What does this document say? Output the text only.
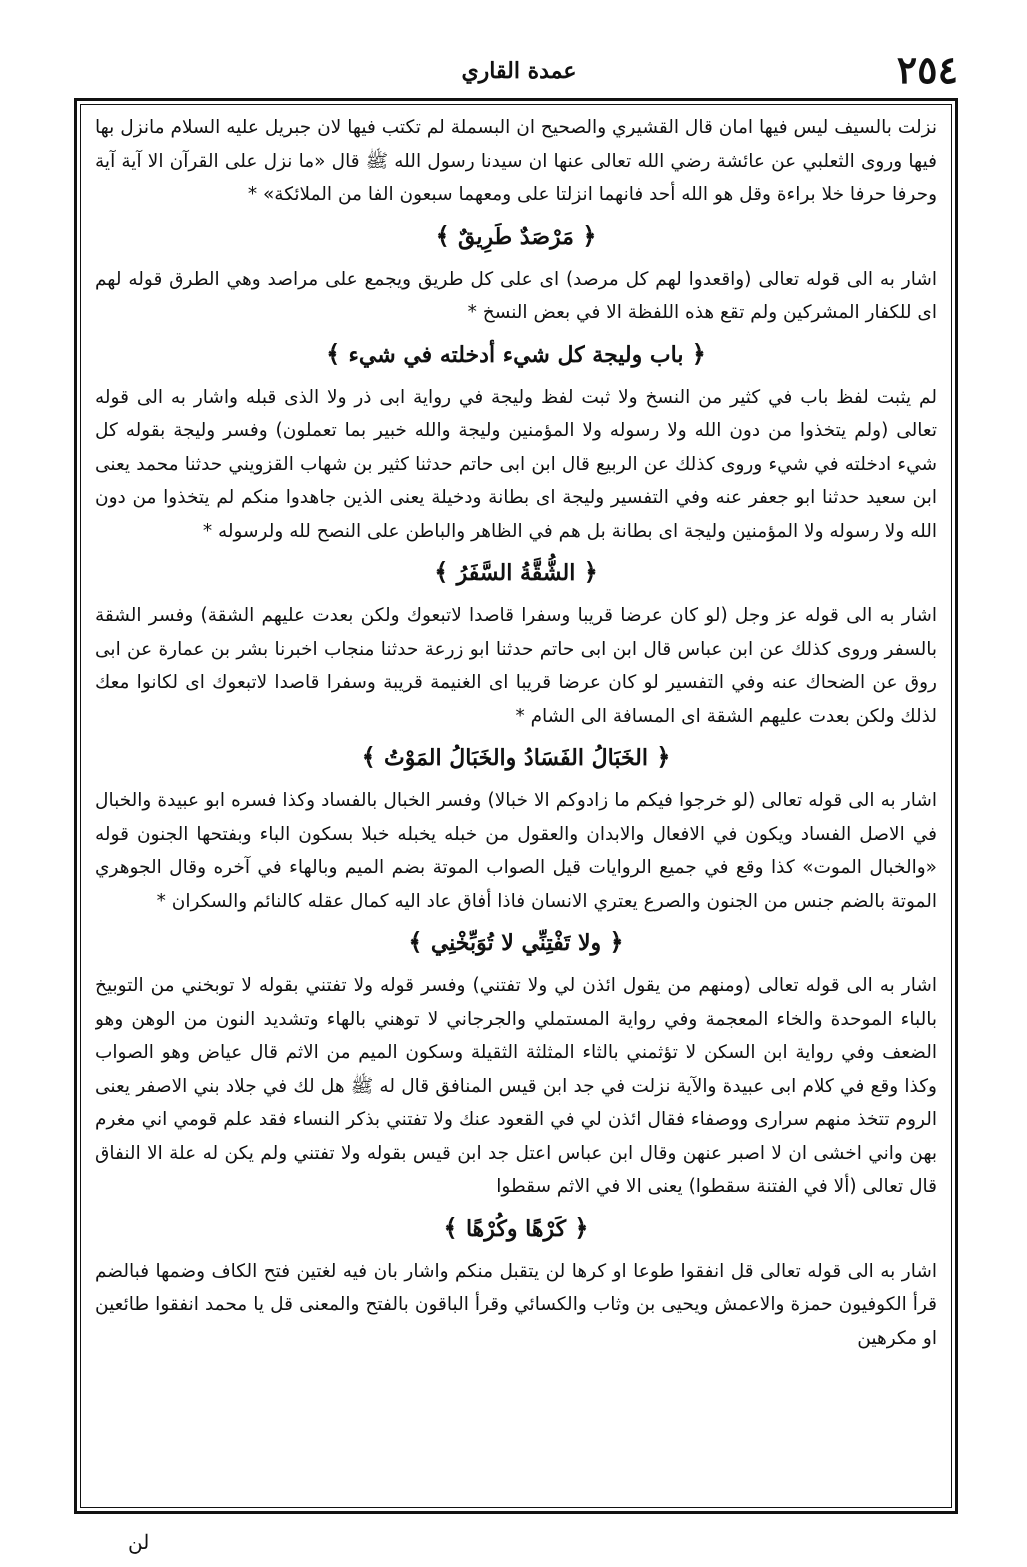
٢٥٤
عمدة القاري

نزلت بالسيف ليس فيها امان قال القشيري والصحيح ان البسملة لم تكتب فيها لان جبريل عليه السلام مانزل بها فيها وروى الثعلبي عن عائشة رضي الله تعالى عنها ان سيدنا رسول الله ﷺ قال «ما نزل على القرآن الا آية آية وحرفا حرفا خلا براءة وقل هو الله أحد فانهما انزلتا على ومعهما سبعون الفا من الملائكة» *

﴿ مَرْصَدٌ طَرِيقٌ ﴾

اشار به الى قوله تعالى (واقعدوا لهم كل مرصد) اى على كل طريق ويجمع على مراصد وهي الطرق قوله لهم اى للكفار المشركين ولم تقع هذه اللفظة الا في بعض النسخ *

﴿ باب وليجة كل شيء أدخلته في شيء ﴾

لم يثبت لفظ باب في كثير من النسخ ولا ثبت لفظ وليجة في رواية ابى ذر ولا الذى قبله واشار به الى قوله تعالى (ولم يتخذوا من دون الله ولا رسوله ولا المؤمنين وليجة والله خبير بما تعملون) وفسر وليجة بقوله كل شيء ادخلته في شيء وروى كذلك عن الربيع قال ابن ابى حاتم حدثنا كثير بن شهاب القزويني حدثنا محمد يعنى ابن سعيد حدثنا ابو جعفر عنه وفي التفسير وليجة اى بطانة ودخيلة يعنى الذين جاهدوا منكم لم يتخذوا من دون الله ولا رسوله ولا المؤمنين وليجة اى بطانة بل هم في الظاهر والباطن على النصح لله ولرسوله *

﴿ الشُّقَّةُ السَّفَرُ ﴾

اشار به الى قوله عز وجل (لو كان عرضا قريبا وسفرا قاصدا لاتبعوك ولكن بعدت عليهم الشقة) وفسر الشقة بالسفر وروى كذلك عن ابن عباس قال ابن ابى حاتم حدثنا ابو زرعة حدثنا منجاب اخبرنا بشر بن عمارة عن ابى روق عن الضحاك عنه وفي التفسير لو كان عرضا قريبا اى الغنيمة قريبة وسفرا قاصدا لاتبعوك اى لكانوا معك لذلك ولكن بعدت عليهم الشقة اى المسافة الى الشام *

﴿ الخَبَالُ الفَسَادُ والخَبَالُ المَوْتُ ﴾

اشار به الى قوله تعالى (لو خرجوا فيكم ما زادوكم الا خبالا) وفسر الخبال بالفساد وكذا فسره ابو عبيدة والخبال في الاصل الفساد ويكون في الافعال والابدان والعقول من خبله يخبله خبلا بسكون الباء وبفتحها الجنون قوله «والخبال الموت» كذا وقع في جميع الروايات قيل الصواب الموتة بضم الميم وبالهاء في آخره وقال الجوهري الموتة بالضم جنس من الجنون والصرع يعتري الانسان فاذا أفاق عاد اليه كمال عقله كالنائم والسكران *

﴿ ولا تَفْتِنِّي لا تُوَبِّخْنِي ﴾

اشار به الى قوله تعالى (ومنهم من يقول ائذن لي ولا تفتني) وفسر قوله ولا تفتني بقوله لا توبخني من التوبيخ بالباء الموحدة والخاء المعجمة وفي رواية المستملي والجرجاني لا توهني بالهاء وتشديد النون من الوهن وهو الضعف وفي رواية ابن السكن لا تؤثمني بالثاء المثلثة الثقيلة وسكون الميم من الاثم قال عياض وهو الصواب وكذا وقع في كلام ابى عبيدة والآية نزلت في جد ابن قيس المنافق قال له ﷺ هل لك في جلاد بني الاصفر يعنى الروم تتخذ منهم سرارى ووصفاء فقال ائذن لي في القعود عنك ولا تفتني بذكر النساء فقد علم قومي اني مغرم بهن واني اخشى ان لا اصبر عنهن وقال ابن عباس اعتل جد ابن قيس بقوله ولا تفتني ولم يكن له علة الا النفاق قال تعالى (ألا في الفتنة سقطوا) يعنى الا في الاثم سقطوا

﴿ كَرْهًا وكُرْهًا ﴾

اشار به الى قوله تعالى قل انفقوا طوعا او كرها لن يتقبل منكم واشار بان فيه لغتين فتح الكاف وضمها فبالضم قرأ الكوفيون حمزة والاعمش ويحيى بن وثاب والكسائي وقرأ الباقون بالفتح والمعنى قل يا محمد انفقوا طائعين او مكرهين

لن
